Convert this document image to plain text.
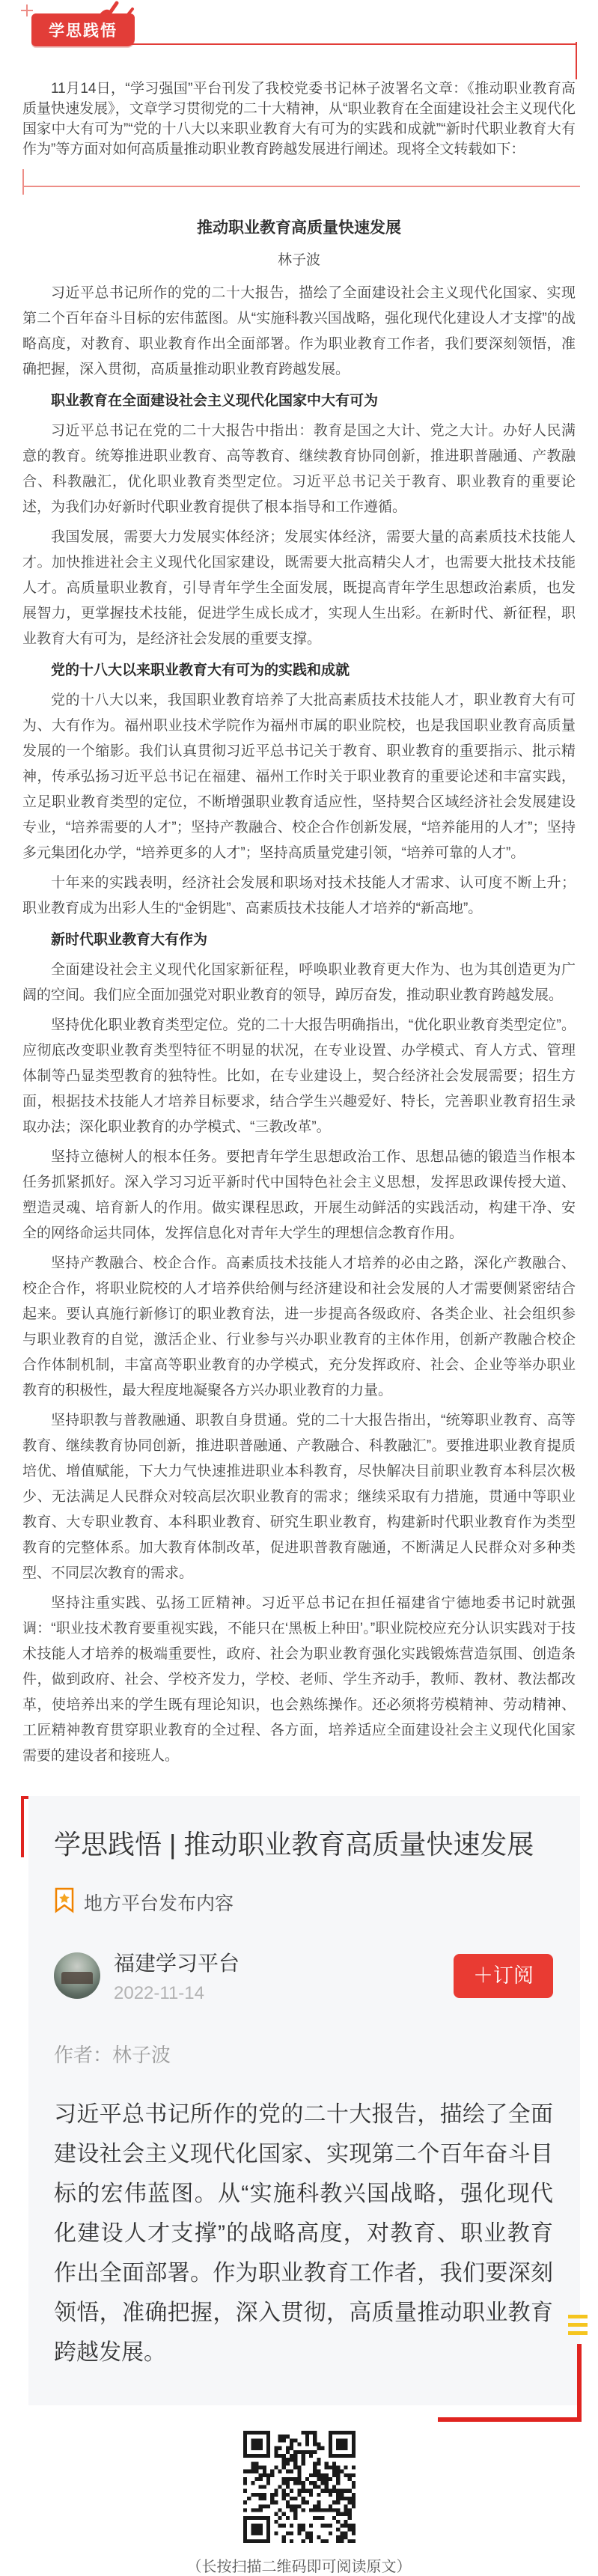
学思践悟

11月14日，“学习强国”平台刊发了我校党委书记林子波署名文章：《推动职业教育高质量快速发展》，文章学习贯彻党的二十大精神，从“职业教育在全面建设社会主义现代化国家中大有可为”“党的十八大以来职业教育大有可为的实践和成就”“新时代职业教育大有作为”等方面对如何高质量推动职业教育跨越发展进行阐述。现将全文转载如下：

推动职业教育高质量快速发展
林子波

习近平总书记所作的党的二十大报告，描绘了全面建设社会主义现代化国家、实现第二个百年奋斗目标的宏伟蓝图。从“实施科教兴国战略，强化现代化建设人才支撑”的战略高度，对教育、职业教育作出全面部署。作为职业教育工作者，我们要深刻领悟，准确把握，深入贯彻，高质量推动职业教育跨越发展。

职业教育在全面建设社会主义现代化国家中大有可为

习近平总书记在党的二十大报告中指出：教育是国之大计、党之大计。办好人民满意的教育。统筹推进职业教育、高等教育、继续教育协同创新，推进职普融通、产教融合、科教融汇，优化职业教育类型定位。习近平总书记关于教育、职业教育的重要论述，为我们办好新时代职业教育提供了根本指导和工作遵循。

我国发展，需要大力发展实体经济；发展实体经济，需要大量的高素质技术技能人才。加快推进社会主义现代化国家建设，既需要大批高精尖人才，也需要大批技术技能人才。高质量职业教育，引导青年学生全面发展，既提高青年学生思想政治素质，也发展智力，更掌握技术技能，促进学生成长成才，实现人生出彩。在新时代、新征程，职业教育大有可为，是经济社会发展的重要支撑。

党的十八大以来职业教育大有可为的实践和成就

党的十八大以来，我国职业教育培养了大批高素质技术技能人才，职业教育大有可为、大有作为。福州职业技术学院作为福州市属的职业院校，也是我国职业教育高质量发展的一个缩影。我们认真贯彻习近平总书记关于教育、职业教育的重要指示、批示精神，传承弘扬习近平总书记在福建、福州工作时关于职业教育的重要论述和丰富实践，立足职业教育类型的定位，不断增强职业教育适应性，坚持契合区域经济社会发展建设专业，“培养需要的人才”；坚持产教融合、校企合作创新发展，“培养能用的人才”；坚持多元集团化办学，“培养更多的人才”；坚持高质量党建引领，“培养可靠的人才”。

十年来的实践表明，经济社会发展和职场对技术技能人才需求、认可度不断上升；职业教育成为出彩人生的“金钥匙”、高素质技术技能人才培养的“新高地”。

新时代职业教育大有作为

全面建设社会主义现代化国家新征程，呼唤职业教育更大作为、也为其创造更为广阔的空间。我们应全面加强党对职业教育的领导，踔厉奋发，推动职业教育跨越发展。

坚持优化职业教育类型定位。党的二十大报告明确指出，“优化职业教育类型定位”。应彻底改变职业教育类型特征不明显的状况，在专业设置、办学模式、育人方式、管理体制等凸显类型教育的独特性。比如，在专业建设上，契合经济社会发展需要；招生方面，根据技术技能人才培养目标要求，结合学生兴趣爱好、特长，完善职业教育招生录取办法；深化职业教育的办学模式、“三教改革”。

坚持立德树人的根本任务。要把青年学生思想政治工作、思想品德的锻造当作根本任务抓紧抓好。深入学习习近平新时代中国特色社会主义思想，发挥思政课传授大道、塑造灵魂、培育新人的作用。做实课程思政，开展生动鲜活的实践活动，构建干净、安全的网络命运共同体，发挥信息化对青年大学生的理想信念教育作用。

坚持产教融合、校企合作。高素质技术技能人才培养的必由之路，深化产教融合、校企合作，将职业院校的人才培养供给侧与经济建设和社会发展的人才需要侧紧密结合起来。要认真施行新修订的职业教育法，进一步提高各级政府、各类企业、社会组织参与职业教育的自觉，激活企业、行业参与兴办职业教育的主体作用，创新产教融合校企合作体制机制，丰富高等职业教育的办学模式，充分发挥政府、社会、企业等举办职业教育的积极性，最大程度地凝聚各方兴办职业教育的力量。

坚持职教与普教融通、职教自身贯通。党的二十大报告指出，“统筹职业教育、高等教育、继续教育协同创新，推进职普融通、产教融合、科教融汇”。要推进职业教育提质培优、增值赋能，下大力气快速推进职业本科教育，尽快解决目前职业教育本科层次极少、无法满足人民群众对较高层次职业教育的需求；继续采取有力措施，贯通中等职业教育、大专职业教育、本科职业教育、研究生职业教育，构建新时代职业教育作为类型教育的完整体系。加大教育体制改革，促进职普教育融通，不断满足人民群众对多种类型、不同层次教育的需求。

坚持注重实践、弘扬工匠精神。习近平总书记在担任福建省宁德地委书记时就强调：“职业技术教育要重视实践，不能只在‘黑板上种田’。”职业院校应充分认识实践对于技术技能人才培养的极端重要性，政府、社会为职业教育强化实践锻炼营造氛围、创造条件，做到政府、社会、学校齐发力，学校、老师、学生齐动手，教师、教材、教法都改革，使培养出来的学生既有理论知识，也会熟练操作。还必须将劳模精神、劳动精神、工匠精神教育贯穿职业教育的全过程、各方面，培养适应全面建设社会主义现代化国家需要的建设者和接班人。

学思践悟 | 推动职业教育高质量快速发展
地方平台发布内容
福建学习平台
2022-11-14
＋订阅
作者：林子波
习近平总书记所作的党的二十大报告，描绘了全面建设社会主义现代化国家、实现第二个百年奋斗目标的宏伟蓝图。从“实施科教兴国战略，强化现代化建设人才支撑”的战略高度，对教育、职业教育作出全面部署。作为职业教育工作者，我们要深刻领悟，准确把握，深入贯彻，高质量推动职业教育跨越发展。
（长按扫描二维码即可阅读原文）
